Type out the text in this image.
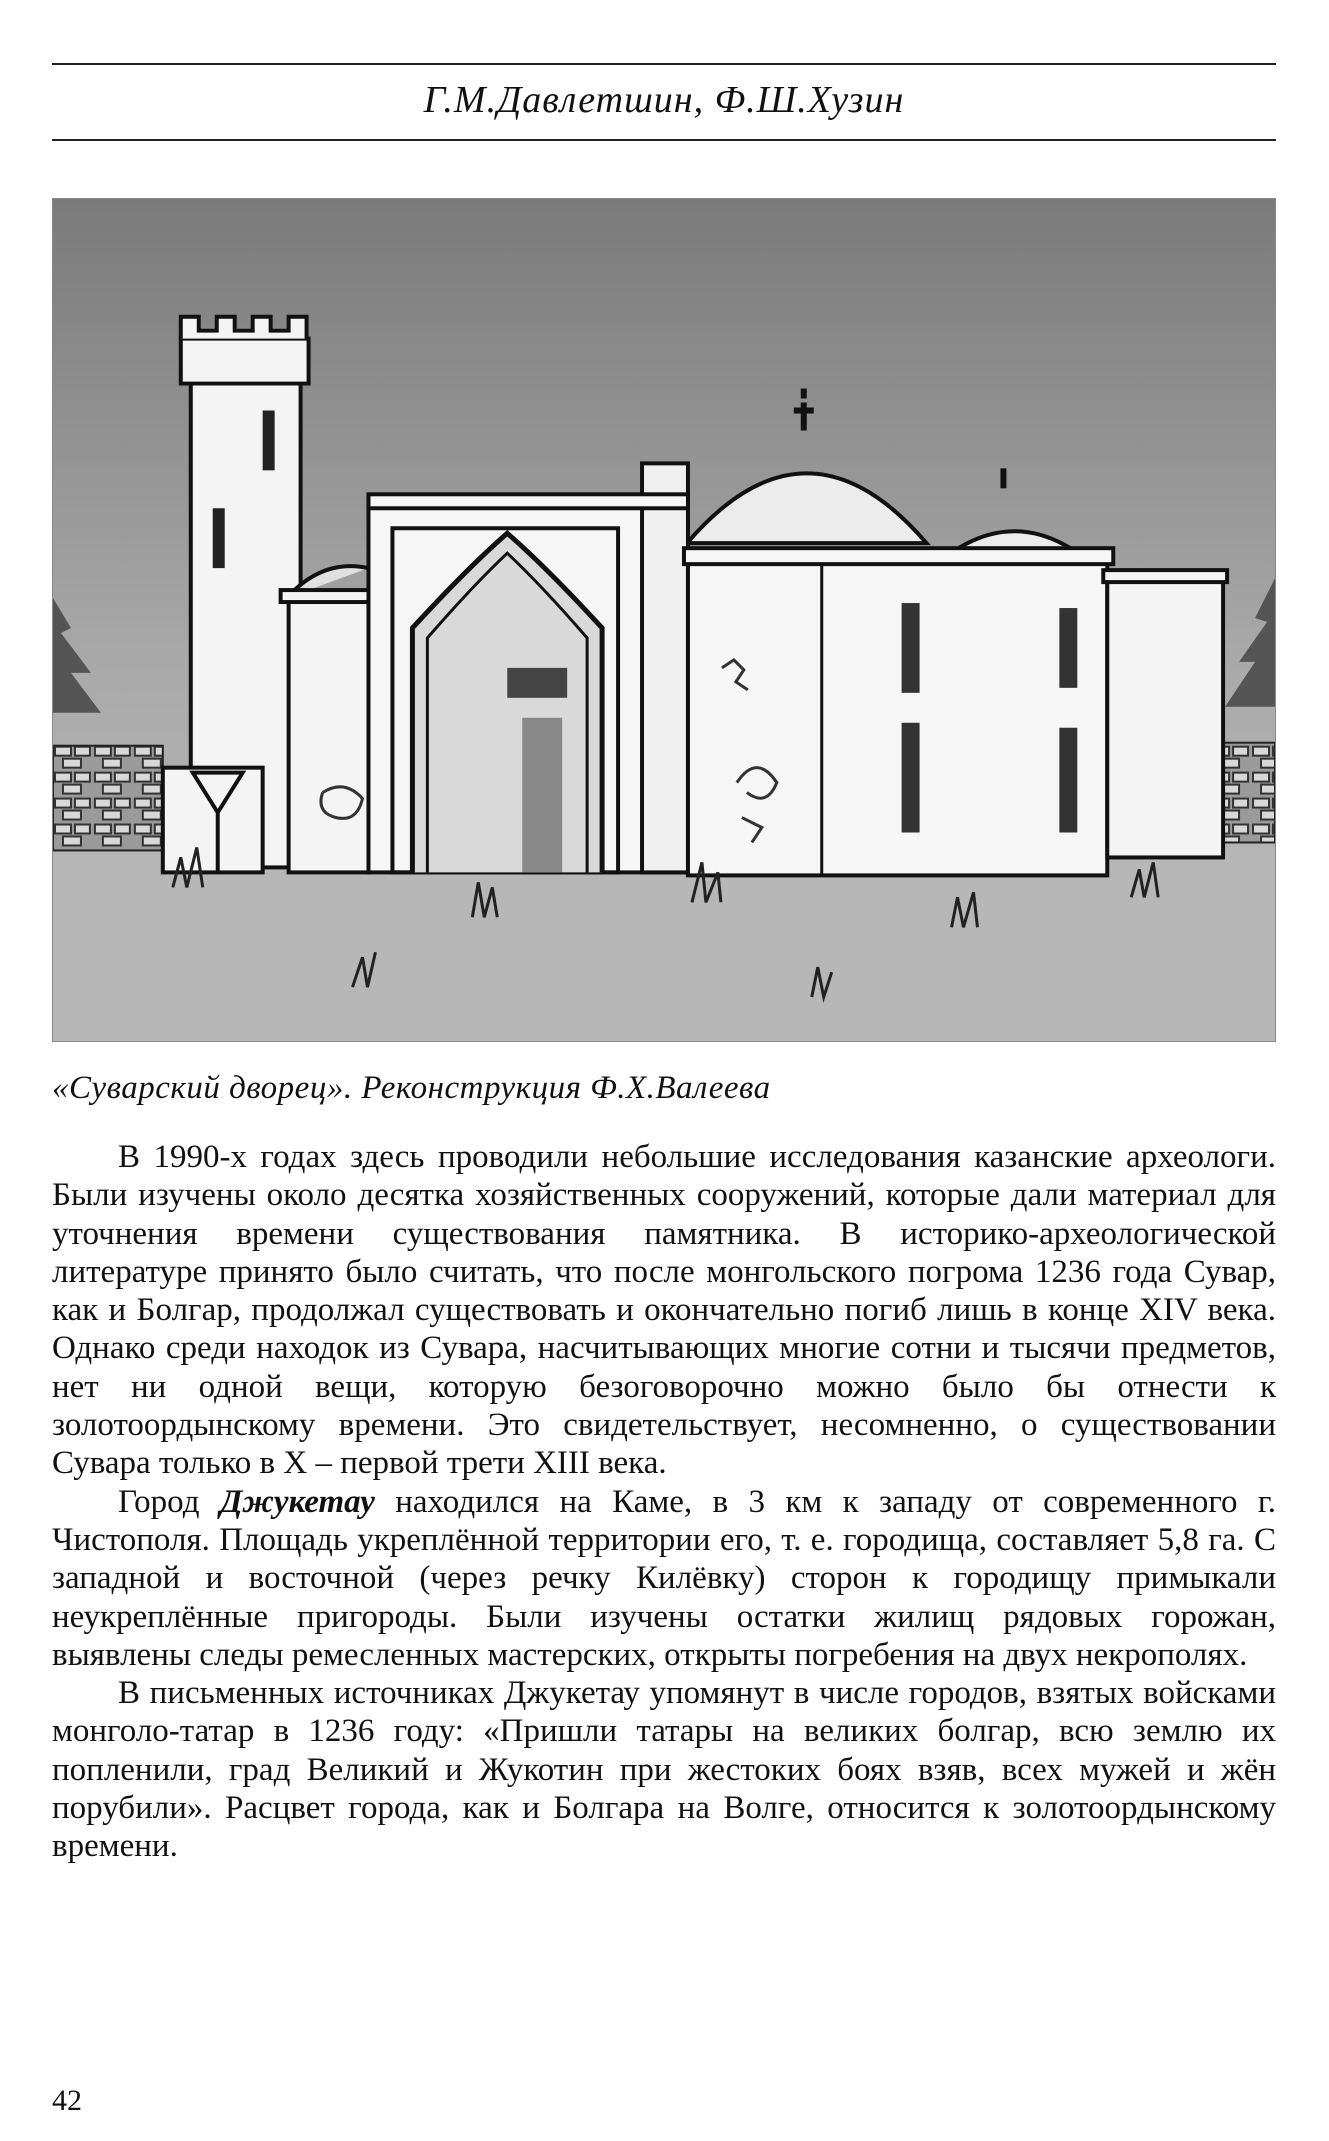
Г.М.Давлетшин, Ф.Ш.Хузин
«Суварский дворец». Реконструкция Ф.Х.Валеева

В 1990-х годах здесь проводили небольшие исследования казанские археологи. Были изучены около десятка хозяйственных сооружений, которые дали материал для уточнения времени существования памятника. В историко-археологической литературе принято было считать, что после монгольского погрома 1236 года Сувар, как и Болгар, продолжал существовать и окончательно погиб лишь в конце XIV века. Однако среди находок из Сувара, насчитывающих многие сотни и тысячи предметов, нет ни одной вещи, которую безоговорочно можно было бы отнести к золотоордынскому времени. Это свидетельствует, несомненно, о существовании Сувара только в X – первой трети XIII века.

Город Джукетау находился на Каме, в 3 км к западу от современного г. Чистополя. Площадь укреплённой территории его, т. е. городища, составляет 5,8 га. С западной и восточной (через речку Килёвку) сторон к городищу примыкали неукреплённые пригороды. Были изучены остатки жилищ рядовых горожан, выявлены следы ремесленных мастерских, открыты погребения на двух некрополях.

В письменных источниках Джукетау упомянут в числе городов, взятых войсками монголо-татар в 1236 году: «Пришли татары на великих болгар, всю землю их попленили, град Великий и Жукотин при жестоких боях взяв, всех мужей и жён порубили». Расцвет города, как и Болгара на Волге, относится к золотоордынскому времени.

42
